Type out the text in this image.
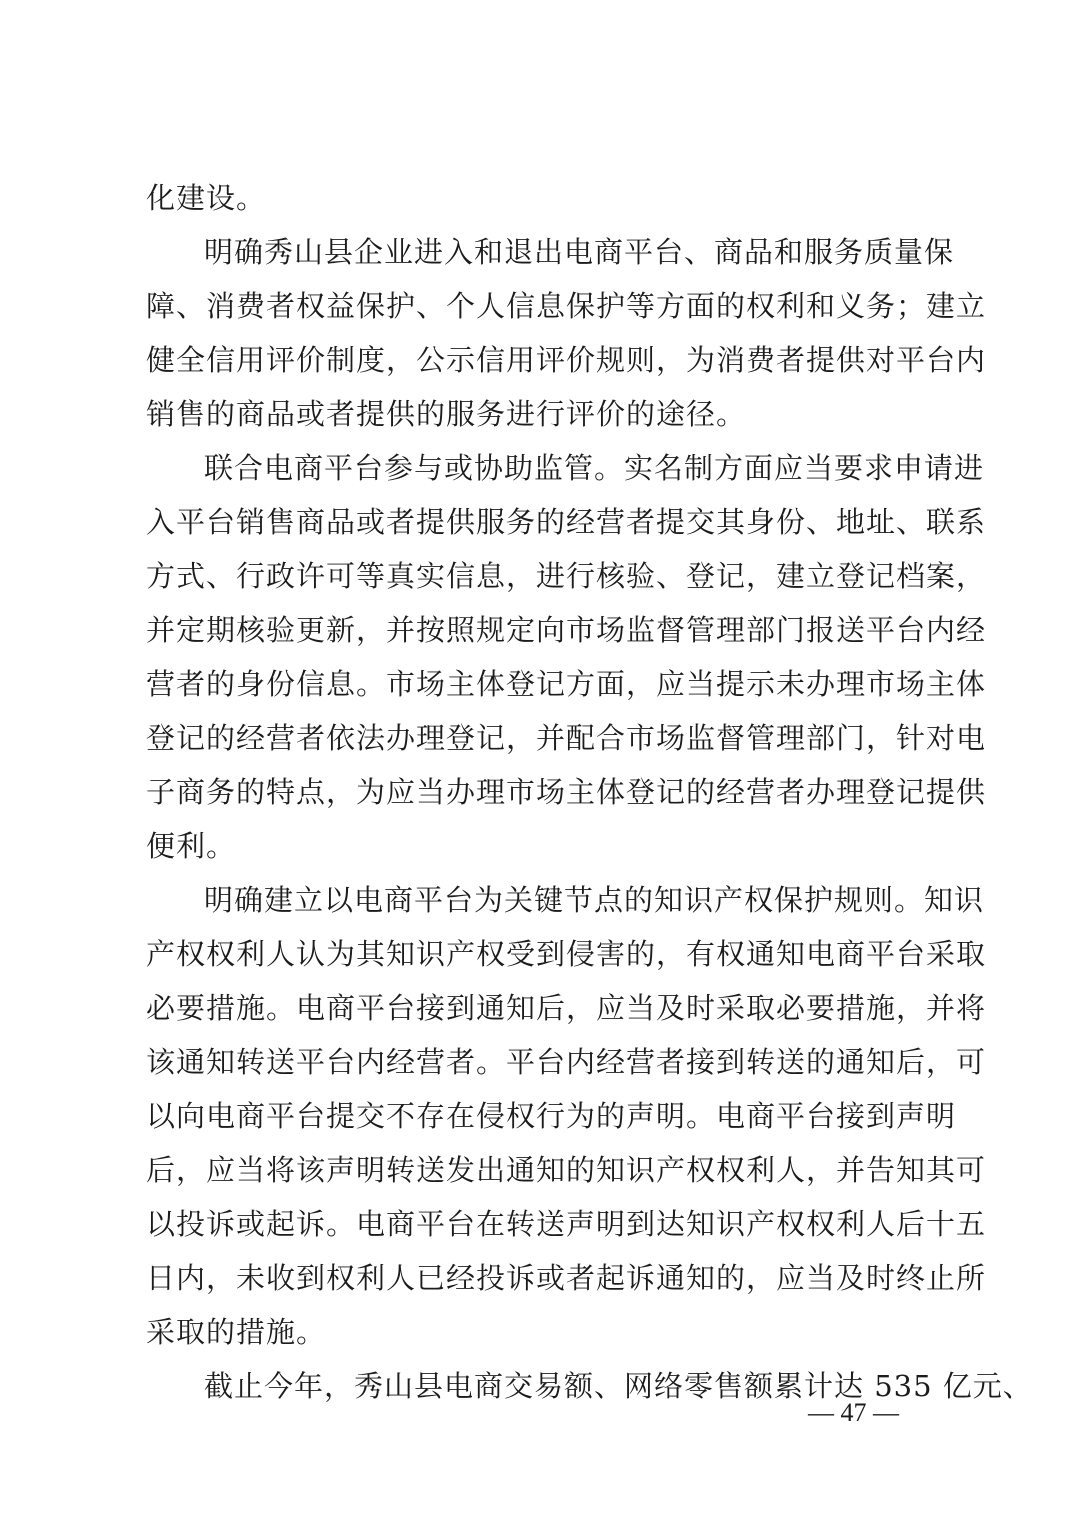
化建设。
明确秀山县企业进入和退出电商平台、商品和服务质量保
障、消费者权益保护、个人信息保护等方面的权利和义务；建立
健全信用评价制度，公示信用评价规则，为消费者提供对平台内
销售的商品或者提供的服务进行评价的途径。
联合电商平台参与或协助监管。实名制方面应当要求申请进
入平台销售商品或者提供服务的经营者提交其身份、地址、联系
方式、行政许可等真实信息，进行核验、登记，建立登记档案，
并定期核验更新，并按照规定向市场监督管理部门报送平台内经
营者的身份信息。市场主体登记方面，应当提示未办理市场主体
登记的经营者依法办理登记，并配合市场监督管理部门，针对电
子商务的特点，为应当办理市场主体登记的经营者办理登记提供
便利。
明确建立以电商平台为关键节点的知识产权保护规则。知识
产权权利人认为其知识产权受到侵害的，有权通知电商平台采取
必要措施。电商平台接到通知后，应当及时采取必要措施，并将
该通知转送平台内经营者。平台内经营者接到转送的通知后，可
以向电商平台提交不存在侵权行为的声明。电商平台接到声明
后，应当将该声明转送发出通知的知识产权权利人，并告知其可
以投诉或起诉。电商平台在转送声明到达知识产权权利人后十五
日内，未收到权利人已经投诉或者起诉通知的，应当及时终止所
采取的措施。
截止今年，秀山县电商交易额、网络零售额累计达 535 亿元、
— 47 —
